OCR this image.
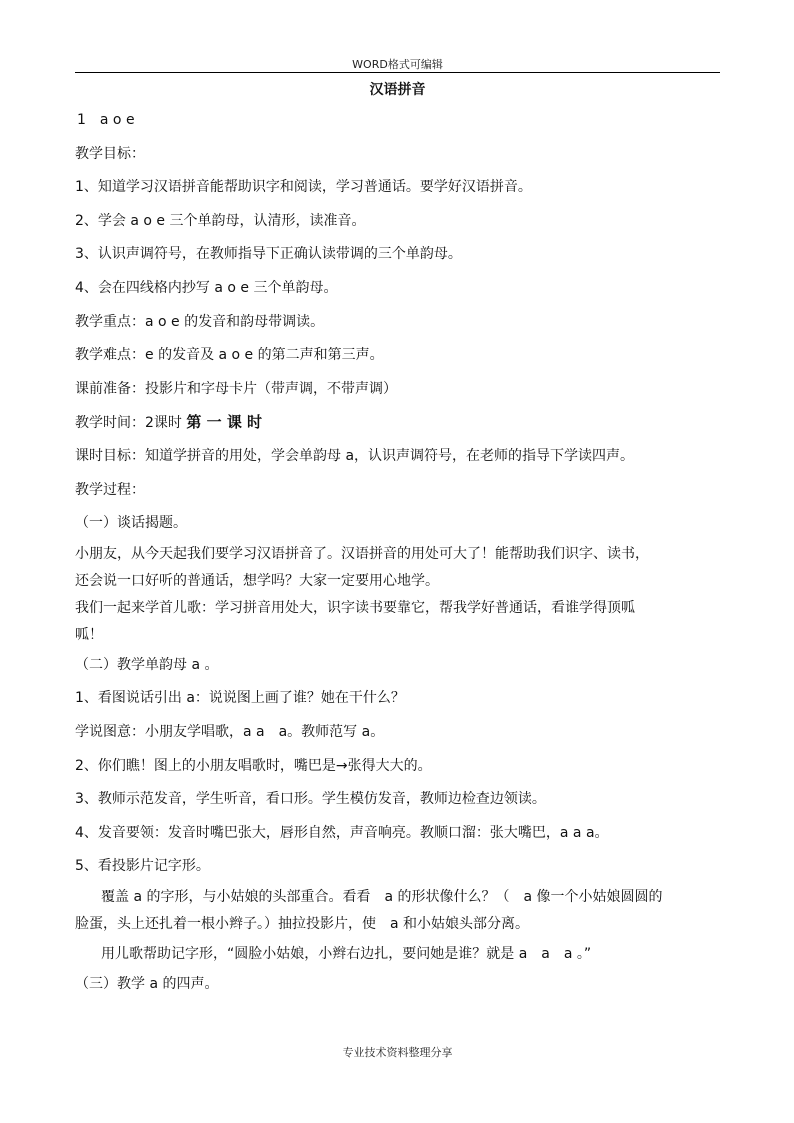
WORD格式可编辑
汉语拼音
1　a o e
教学目标：
1、知道学习汉语拼音能帮助识字和阅读，学习普通话。要学好汉语拼音。
2、学会 a o e 三个单韵母，认清形，读准音。
3、认识声调符号，在教师指导下正确认读带调的三个单韵母。
4、会在四线格内抄写 a o e 三个单韵母。
教学重点：a o e 的发音和韵母带调读。
教学难点：e 的发音及 a o e 的第二声和第三声。
课前准备：投影片和字母卡片（带声调，不带声调）
教学时间：2课时 第 一 课 时
课时目标：知道学拼音的用处，学会单韵母 a，认识声调符号，在老师的指导下学读四声。
教学过程：
（一）谈话揭题。
小朋友，从今天起我们要学习汉语拼音了。汉语拼音的用处可大了！能帮助我们识字、读书，
还会说一口好听的普通话，想学吗？大家一定要用心地学。
我们一起来学首儿歌：学习拼音用处大，识字读书要靠它，帮我学好普通话，看谁学得顶呱
呱！
（二）教学单韵母 a 。
1、看图说话引出 a：说说图上画了谁？她在干什么？
学说图意：小朋友学唱歌，a a　a。教师范写 a。
2、你们瞧！图上的小朋友唱歌时，嘴巴是→张得大大的。
3、教师示范发音，学生听音，看口形。学生模仿发音，教师边检查边领读。
4、发音要领：发音时嘴巴张大，唇形自然，声音响亮。教顺口溜：张大嘴巴，a a a。
5、看投影片记字形。
覆盖 a 的字形，与小姑娘的头部重合。看看　a 的形状像什么？（　a 像一个小姑娘圆圆的
脸蛋，头上还扎着一根小辫子。）抽拉投影片，使　a 和小姑娘头部分离。
用儿歌帮助记字形，“圆脸小姑娘，小辫右边扎，要问她是谁？就是 a　a　a 。”
（三）教学 a 的四声。
专业技术资料整理分享
